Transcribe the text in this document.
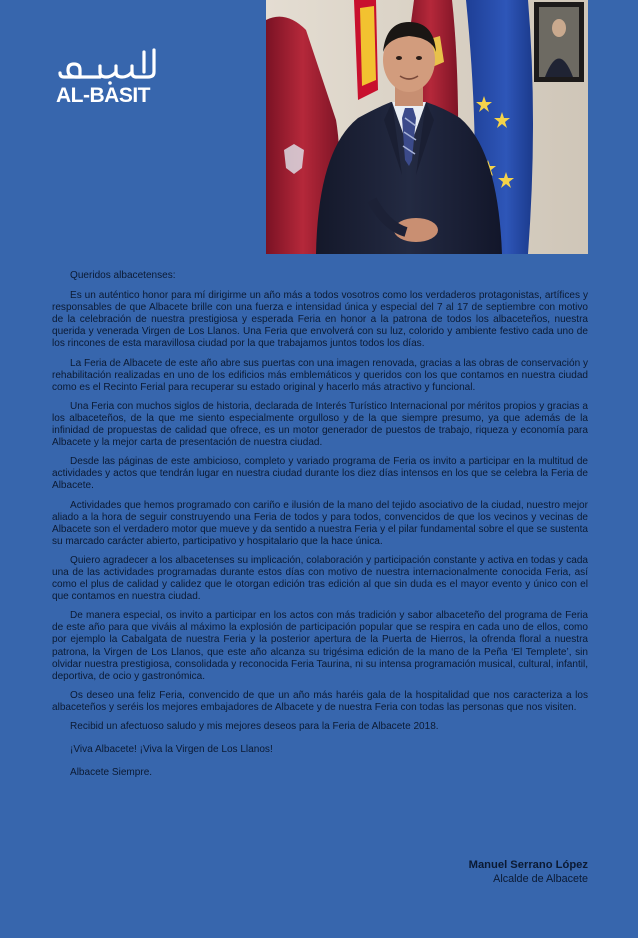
AL-BASIT

Queridos albacetenses:

Es un auténtico honor para mí dirigirme un año más a todos vosotros como los verdaderos protagonistas, artífices y responsables de que Albacete brille con una fuerza e intensidad única y especial del 7 al 17 de septiembre con motivo de la celebración de nuestra prestigiosa y esperada Feria en honor a la patrona de todos los albaceteños, nuestra querida y venerada Virgen de Los Llanos. Una Feria que envolverá con su luz, colorido y ambiente festivo cada uno de los rincones de esta maravillosa ciudad por la que trabajamos juntos todos los días.

La Feria de Albacete de este año abre sus puertas con una imagen renovada, gracias a las obras de conservación y rehabilitación realizadas en uno de los edificios más emblemáticos y queridos con los que contamos en nuestra ciudad como es el Recinto Ferial para recuperar su estado original y hacerlo más atractivo y funcional.

Una Feria con muchos siglos de historia, declarada de Interés Turístico Internacional por méritos propios y gracias a los albaceteños, de la que me siento especialmente orgulloso y de la que siempre presumo, ya que además de la infinidad de propuestas de calidad que ofrece, es un motor generador de puestos de trabajo, riqueza y economía para Albacete y la mejor carta de presentación de nuestra ciudad.

Desde las páginas de este ambicioso, completo y variado programa de Feria os invito a participar en la multitud de actividades y actos que tendrán lugar en nuestra ciudad durante los diez días intensos en los que se celebra la Feria de Albacete.

Actividades que hemos programado con cariño e ilusión de la mano del tejido asociativo de la ciudad, nuestro mejor aliado a la hora de seguir construyendo una Feria de todos y para todos, convencidos de que los vecinos y vecinas de Albacete son el verdadero motor que mueve y da sentido a nuestra Feria y el pilar fundamental sobre el que se sustenta su marcado carácter abierto, participativo y hospitalario que la hace única.

Quiero agradecer a los albacetenses su implicación, colaboración y participación constante y activa en todas y cada una de las actividades programadas durante estos días con motivo de nuestra internacionalmente conocida Feria, así como el plus de calidad y calidez que le otorgan edición tras edición al que sin duda es el mayor evento y único con el que contamos en nuestra ciudad.

De manera especial, os invito a participar en los actos con más tradición y sabor albaceteño del programa de Feria de este año para que viváis al máximo la explosión de participación popular que se respira en cada uno de ellos, como por ejemplo la Cabalgata de nuestra Feria y la posterior apertura de la Puerta de Hierros, la ofrenda floral a nuestra patrona, la Virgen de Los Llanos, que este año alcanza su trigésima edición de la mano de la Peña ‘El Templete’, sin olvidar nuestra prestigiosa, consolidada y reconocida Feria Taurina, ni su intensa programación musical, cultural, infantil, deportiva, de ocio y gastronómica.

Os deseo una feliz Feria, convencido de que un año más haréis gala de la hospitalidad que nos caracteriza a los albaceteños y seréis los mejores embajadores de Albacete y de nuestra Feria con todas las personas que nos visiten.

Recibid un afectuoso saludo y mis mejores deseos para la Feria de Albacete 2018.

¡Viva Albacete! ¡Viva la Virgen de Los Llanos!

Albacete Siempre.

Manuel Serrano López
Alcalde de Albacete
